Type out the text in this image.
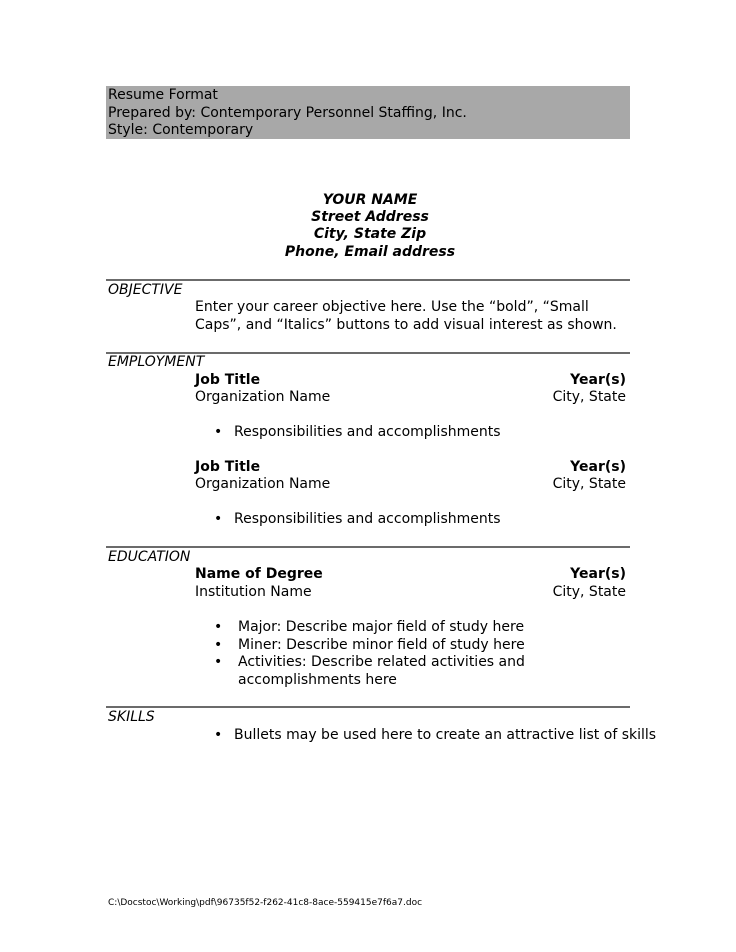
Resume Format
Prepared by: Contemporary Personnel Staffing, Inc.
Style: Contemporary
YOUR NAME
Street Address
City, State Zip
Phone, Email address
OBJECTIVE
Enter your career objective here. Use the “bold”, “Small Caps”, and “Italics” buttons to add visual interest as shown.
EMPLOYMENT
Job Title	Year(s)
Organization Name	City, State
• Responsibilities and accomplishments
Job Title	Year(s)
Organization Name	City, State
• Responsibilities and accomplishments
EDUCATION
Name of Degree	Year(s)
Institution Name	City, State
•	Major: Describe major field of study here
•	Miner: Describe minor field of study here
•	Activities: Describe related activities and accomplishments here
SKILLS
• Bullets may be used here to create an attractive list of skills
C:\Docstoc\Working\pdf\96735f52-f262-41c8-8ace-559415e7f6a7.doc
